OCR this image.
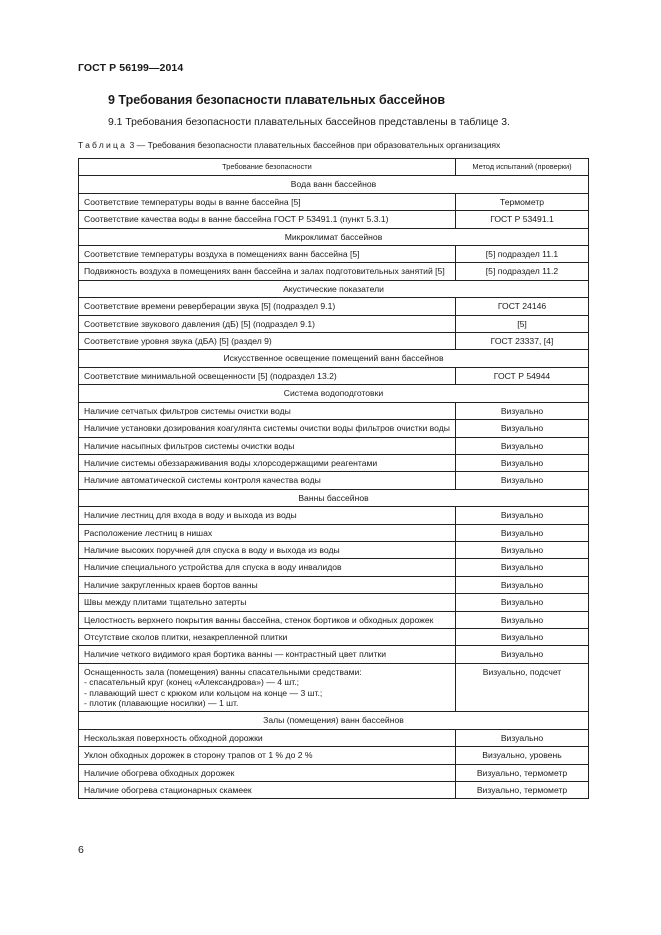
ГОСТ Р 56199—2014
9 Требования безопасности плавательных бассейнов
9.1 Требования безопасности плавательных бассейнов представлены в таблице 3.
Таблица 3 — Требования безопасности плавательных бассейнов при образовательных организациях
Требование безопасности	Метод испытаний (проверки)
Вода ванн бассейнов	
Соответствие температуры воды в ванне бассейна [5]	Термометр
Соответствие качества воды в ванне бассейна ГОСТ Р 53491.1 (пункт 5.3.1)	ГОСТ Р 53491.1
Микроклимат бассейнов	
Соответствие температуры воздуха в помещениях ванн бассейна [5]	[5] подраздел 11.1
Подвижность воздуха в помещениях ванн бассейна и залах подготовительных занятий [5]	[5] подраздел 11.2
Акустические показатели	
Соответствие времени реверберации звука [5] (подраздел 9.1)	ГОСТ 24146
Соответствие звукового давления (дБ) [5] (подраздел 9.1)	[5]
Соответствие уровня звука (дБА) [5] (раздел 9)	ГОСТ 23337, [4]
Искусственное освещение помещений ванн бассейнов	
Соответствие минимальной освещенности [5] (подраздел 13.2)	ГОСТ Р 54944
Система водоподготовки	
Наличие сетчатых фильтров системы очистки воды	Визуально
Наличие установки дозирования коагулянта системы очистки воды фильтров очистки воды	Визуально
Наличие насыпных фильтров системы очистки воды	Визуально
Наличие системы обеззараживания воды хлорсодержащими реагентами	Визуально
Наличие автоматической системы контроля качества воды	Визуально
Ванны бассейнов	
Наличие лестниц для входа в воду и выхода из воды	Визуально
Расположение лестниц в нишах	Визуально
Наличие высоких поручней для спуска в воду и выхода из воды	Визуально
Наличие специального устройства для спуска в воду инвалидов	Визуально
Наличие закругленных краев бортов ванны	Визуально
Швы между плитами тщательно затерты	Визуально
Целостность верхнего покрытия ванны бассейна, стенок бортиков и обходных дорожек	Визуально
Отсутствие сколов плитки, незакрепленной плитки	Визуально
Наличие четкого видимого края бортика ванны — контрастный цвет плитки	Визуально

Оснащенность зала (помещения) ванны спасательными средствами:
- спасательный круг (конец «Александрова») — 4 шт.;
- плавающий шест с крюком или кольцом на конце — 3 шт.;
- плотик (плавающие носилки) — 1 шт.	Визуально, подсчет
Залы (помещения) ванн бассейнов	
Нескользкая поверхность обходной дорожки	Визуально
Уклон обходных дорожек в сторону трапов от 1 % до 2 %	Визуально, уровень
Наличие обогрева обходных дорожек	Визуально, термометр
Наличие обогрева стационарных скамеек	Визуально, термометр
6
